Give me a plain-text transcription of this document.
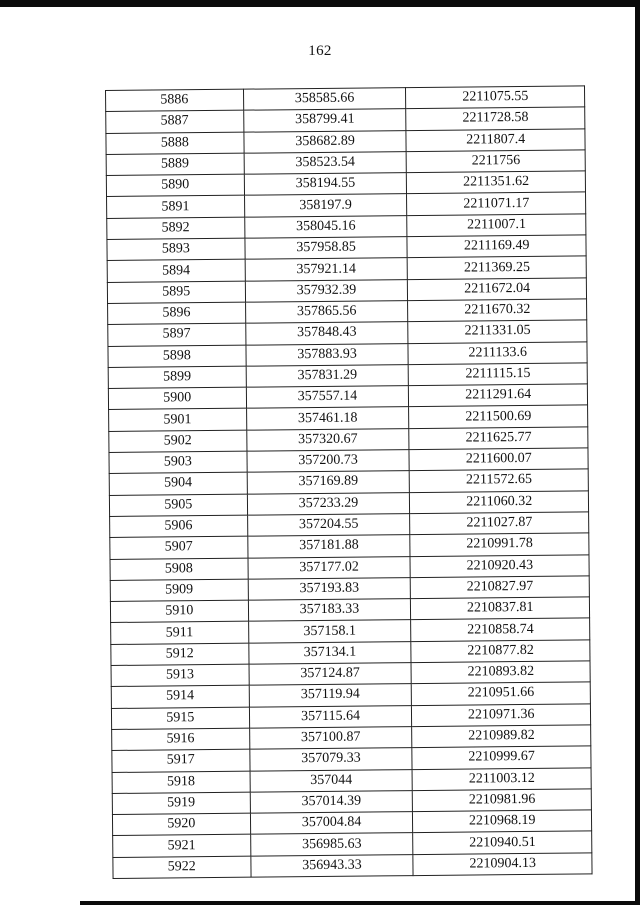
162
5886	358585.66	2211075.55
5887	358799.41	2211728.58
5888	358682.89	2211807.4
5889	358523.54	2211756
5890	358194.55	2211351.62
5891	358197.9	2211071.17
5892	358045.16	2211007.1
5893	357958.85	2211169.49
5894	357921.14	2211369.25
5895	357932.39	2211672.04
5896	357865.56	2211670.32
5897	357848.43	2211331.05
5898	357883.93	2211133.6
5899	357831.29	2211115.15
5900	357557.14	2211291.64
5901	357461.18	2211500.69
5902	357320.67	2211625.77
5903	357200.73	2211600.07
5904	357169.89	2211572.65
5905	357233.29	2211060.32
5906	357204.55	2211027.87
5907	357181.88	2210991.78
5908	357177.02	2210920.43
5909	357193.83	2210827.97
5910	357183.33	2210837.81
5911	357158.1	2210858.74
5912	357134.1	2210877.82
5913	357124.87	2210893.82
5914	357119.94	2210951.66
5915	357115.64	2210971.36
5916	357100.87	2210989.82
5917	357079.33	2210999.67
5918	357044	2211003.12
5919	357014.39	2210981.96
5920	357004.84	2210968.19
5921	356985.63	2210940.51
5922	356943.33	2210904.13
